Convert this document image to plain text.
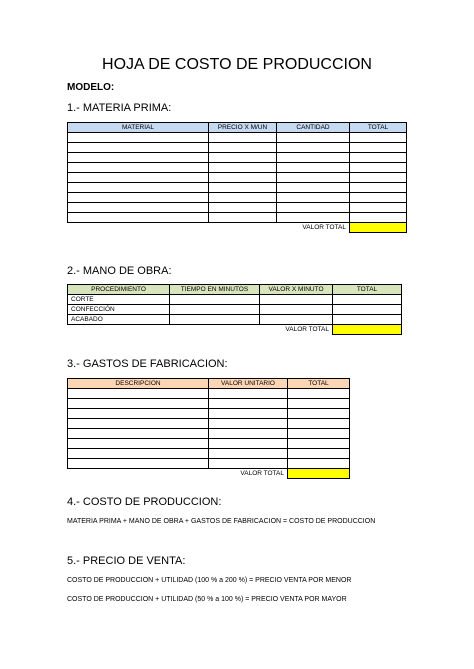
HOJA DE COSTO DE PRODUCCION
MODELO:
1.- MATERIA PRIMA:
MATERIAL	PRECIO X M/UN	CANTIDAD	TOTAL

	VALOR TOTAL		
2.- MANO DE OBRA:
PROCEDIMIENTO	TIEMPO EN MINUTOS	VALOR X MINUTO	TOTAL
CORTE			
CONFECCIÓN			
ACABADO			
	VALOR TOTAL		
3.- GASTOS DE FABRICACION:
DESCRIPCION	VALOR UNITARIO	TOTAL

VALOR TOTAL		
4.- COSTO DE PRODUCCION:
MATERIA PRIMA + MANO DE OBRA + GASTOS DE FABRICACION = COSTO DE PRODUCCION
5.- PRECIO DE VENTA:
COSTO DE PRODUCCION + UTILIDAD (100 % a 200 %) = PRECIO VENTA POR MENOR
COSTO DE PRODUCCION + UTILIDAD (50 % a 100 %) = PRECIO VENTA POR MAYOR
